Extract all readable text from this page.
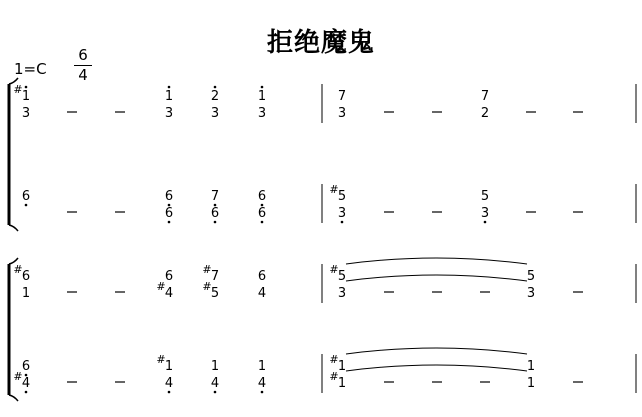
拒绝魔鬼
1=C
6
4
1
#
3
1
3
2
3
1
3
7
3
7
2
6	6
6
7
6
6
6
5
#
3
5
3
6
#
1
6
4
#
7
#
5
#
6
4
5
#
3
5
3
6
4
#
1
#
4
1
4
1
4
1
#
1
#
1
1
